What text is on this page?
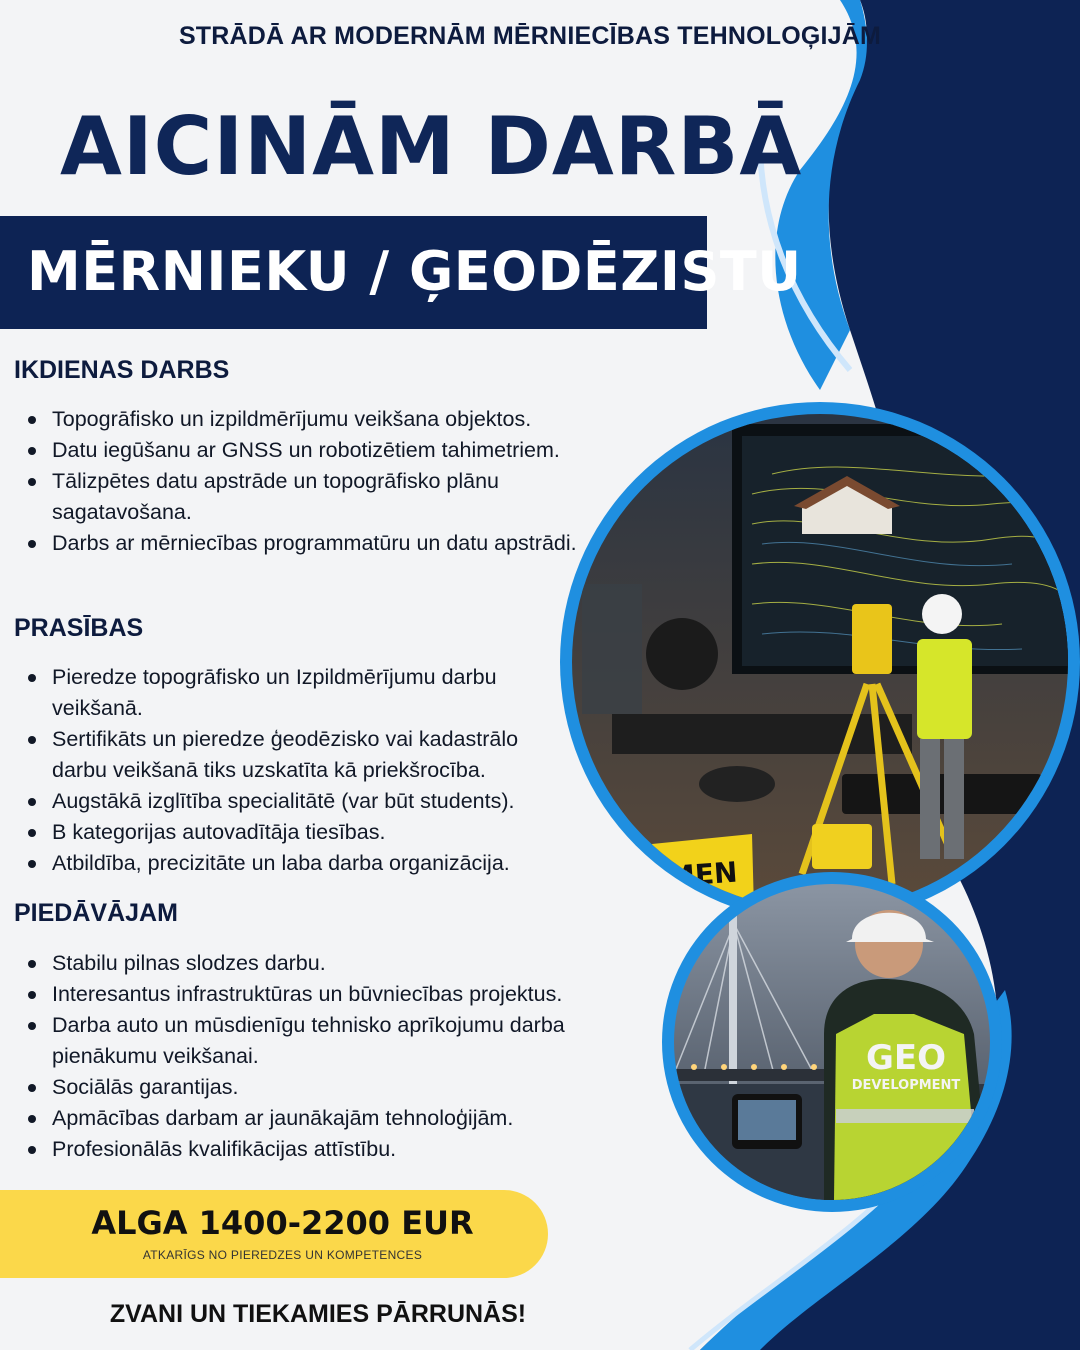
STRĀDĀ AR MODERNĀM MĒRNIECĪBAS TEHNOLOĢIJĀM
AICINĀM DARBĀ
MĒRNIEKU / ĢEODĒZISTU
IKDIENAS DARBS
Topogrāfisko un izpildmērījumu veikšana objektos.
Datu iegūšanu ar GNSS un robotizētiem tahimetriem.
Tālizpētes datu apstrāde un topogrāfisko plānu sagatavošana.
Darbs ar mērniecības programmatūru un datu apstrādi.
PRASĪBAS
Pieredze topogrāfisko un Izpildmērījumu darbu veikšanā.
Sertifikāts un pieredze ģeodēzisko vai kadastrālo darbu veikšanā tiks uzskatīta kā priekšrocība.
Augstākā izglītība specialitātē (var būt students).
B kategorijas autovadītāja tiesības.
Atbildība, precizitāte un laba darba organizācija.
PIEDĀVĀJAM
Stabilu pilnas slodzes darbu.
Interesantus infrastruktūras un būvniecības projektus.
Darba auto un mūsdienīgu tehnisko aprīkojumu darba pienākumu veikšanai.
Sociālās garantijas.
Apmācības darbam ar jaunākajām tehnoloģijām.
Profesionālās kvalifikācijas attīstību.
MEN
GEO
DEVELOPMENT
ALGA 1400-2200 EUR
ATKARĪGS NO PIEREDZES UN KOMPETENCES
ZVANI UN TIEKAMIES PĀRRUNĀS!
